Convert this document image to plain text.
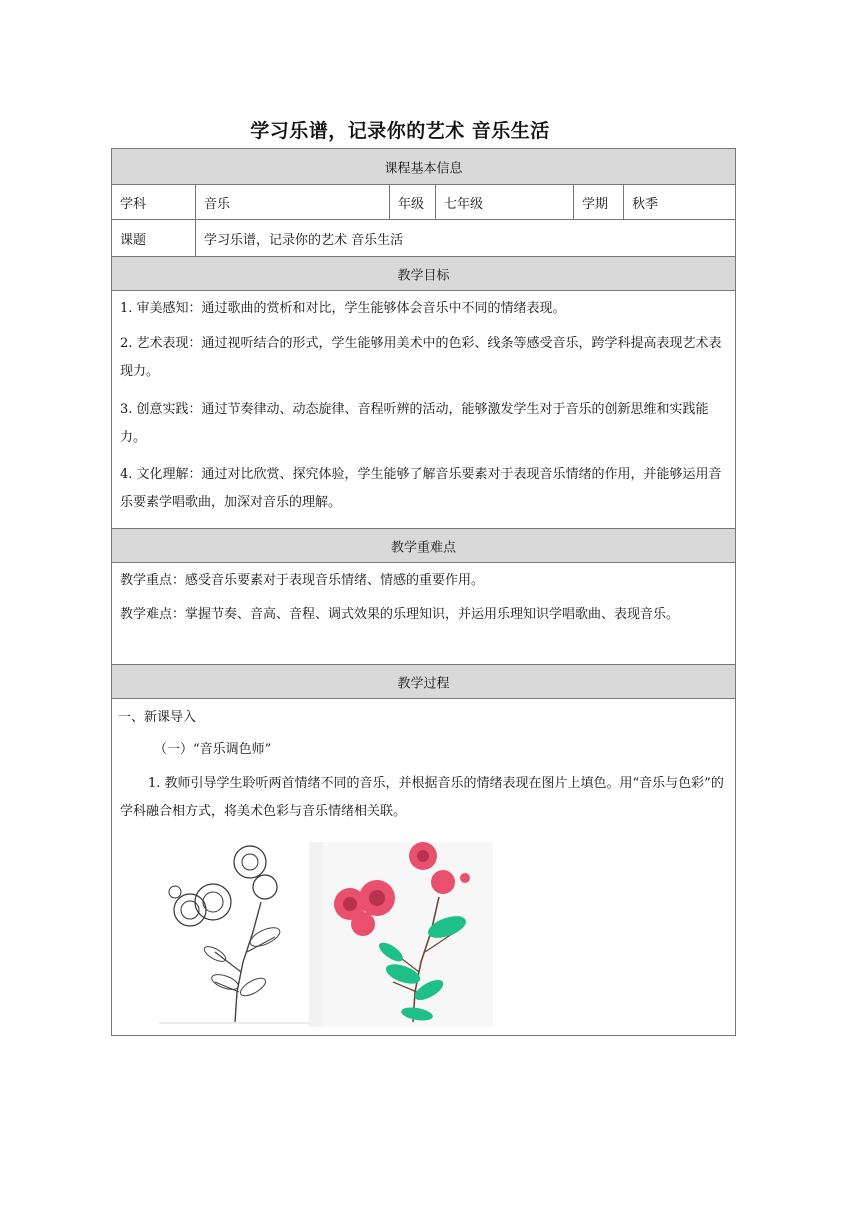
学习乐谱，记录你的艺术 音乐生活
课程基本信息
学科	音乐	年级	七年级	学期	秋季
课题	学习乐谱，记录你的艺术 音乐生活
教学目标
1. 审美感知：通过歌曲的赏析和对比，学生能够体会音乐中不同的情绪表现。
2. 艺术表现：通过视听结合的形式，学生能够用美术中的色彩、线条等感受音乐，跨学科提高表现艺术表现力。
3. 创意实践：通过节奏律动、动态旋律、音程听辨的活动，能够激发学生对于音乐的创新思维和实践能力。
4. 文化理解：通过对比欣赏、探究体验，学生能够了解音乐要素对于表现音乐情绪的作用，并能够运用音乐要素学唱歌曲，加深对音乐的理解。
教学重难点
教学重点：感受音乐要素对于表现音乐情绪、情感的重要作用。
教学难点：掌握节奏、音高、音程、调式效果的乐理知识，并运用乐理知识学唱歌曲、表现音乐。
教学过程
一、新课导入
（一）“音乐调色师”
1. 教师引导学生聆听两首情绪不同的音乐，并根据音乐的情绪表现在图片上填色。用“音乐与色彩”的学科融合相方式，将美术色彩与音乐情绪相关联。
